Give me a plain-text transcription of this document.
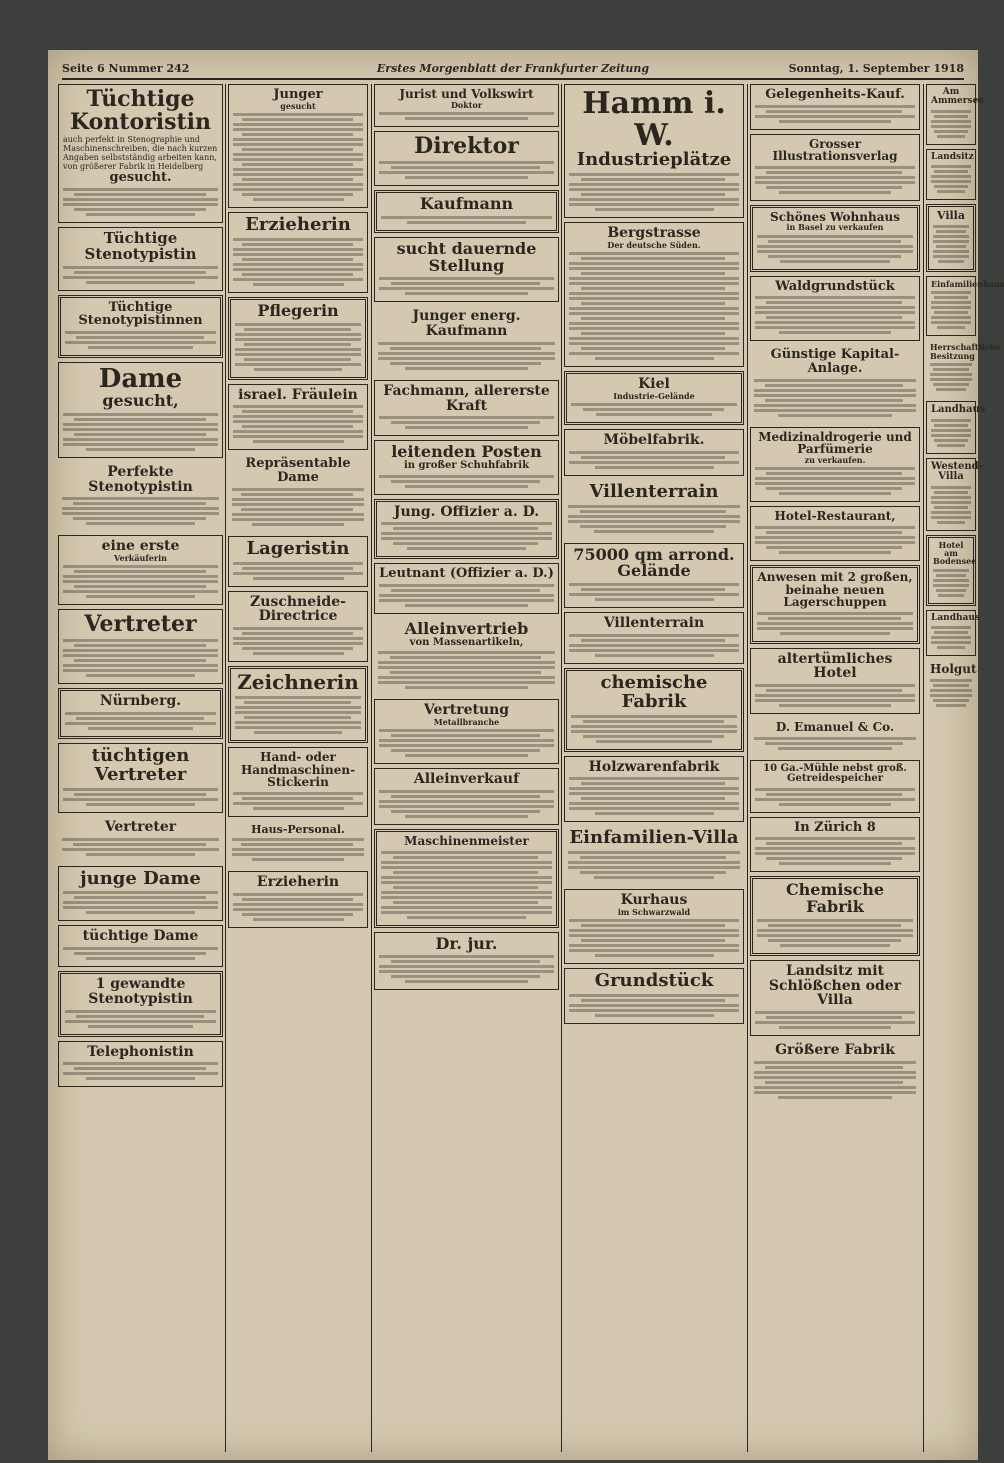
Seite 6 Nummer 242	Erstes Morgenblatt der Frankfurter Zeitung	Sonntag, 1. September 1918
Tüchtige Kontoristin
auch perfekt in Stenographie und Maschinenschreiben, die nach kurzen Angaben selbstständig arbeiten kann, von größerer Fabrik in Heidelberg
gesucht.
Tüchtige Stenotypistin
Tüchtige Stenotypistinnen
Dame
gesucht,
Perfekte Stenotypistin
eine erste
Verkäuferin
Vertreter
Nürnberg.
tüchtigen Vertreter
Vertreter
junge Dame
tüchtige Dame
1 gewandte Stenotypistin
Telephonistin
Junger
gesucht
Erzieherin
Pflegerin
israel. Fräulein
Repräsentable Dame
Lageristin
Zuschneide-Directrice
Zeichnerin
Hand- oder Handmaschinen-Stickerin
Haus-Personal.
Erzieherin
Jurist und Volkswirt
Doktor
Direktor
Kaufmann
sucht dauernde Stellung
Junger energ. Kaufmann
Fachmann, allererste Kraft
leitenden Posten
in großer Schuhfabrik
Jung. Offizier a. D.
Leutnant (Offizier a. D.)
Alleinvertrieb
von Massenartikeln,
Vertretung
Metallbranche
Alleinverkauf
Maschinenmeister
Dr. jur.
Hamm i. W.
Industrieplätze
Bergstrasse
Der deutsche Süden.
Kiel
Industrie-Gelände
Möbelfabrik.
Villenterrain
75000 qm arrond. Gelände
Villenterrain
chemische Fabrik
Holzwarenfabrik
Einfamilien-Villa
Kurhaus
im Schwarzwald
Grundstück
Gelegenheits-Kauf.
Grosser Illustrationsverlag
Schönes Wohnhaus
in Basel zu verkaufen
Waldgrundstück
Günstige Kapital-Anlage.
Medizinaldrogerie und Parfümerie
zu verkaufen.
Hotel-Restaurant,
Anwesen mit 2 großen, beinahe neuen Lagerschuppen
altertümliches Hotel
D. Emanuel & Co.
10 Ga.-Mühle nebst groß. Getreidespeicher
In Zürich 8
Chemische Fabrik
Landsitz mit Schlößchen oder Villa
Größere Fabrik
Am Ammersee
Landsitz
Villa
Einfamilienhaus
Herrschaftliche Besitzung
Landhaus
Westend-Villa
Hotel am Bodensee
Landhaus
Holgut
